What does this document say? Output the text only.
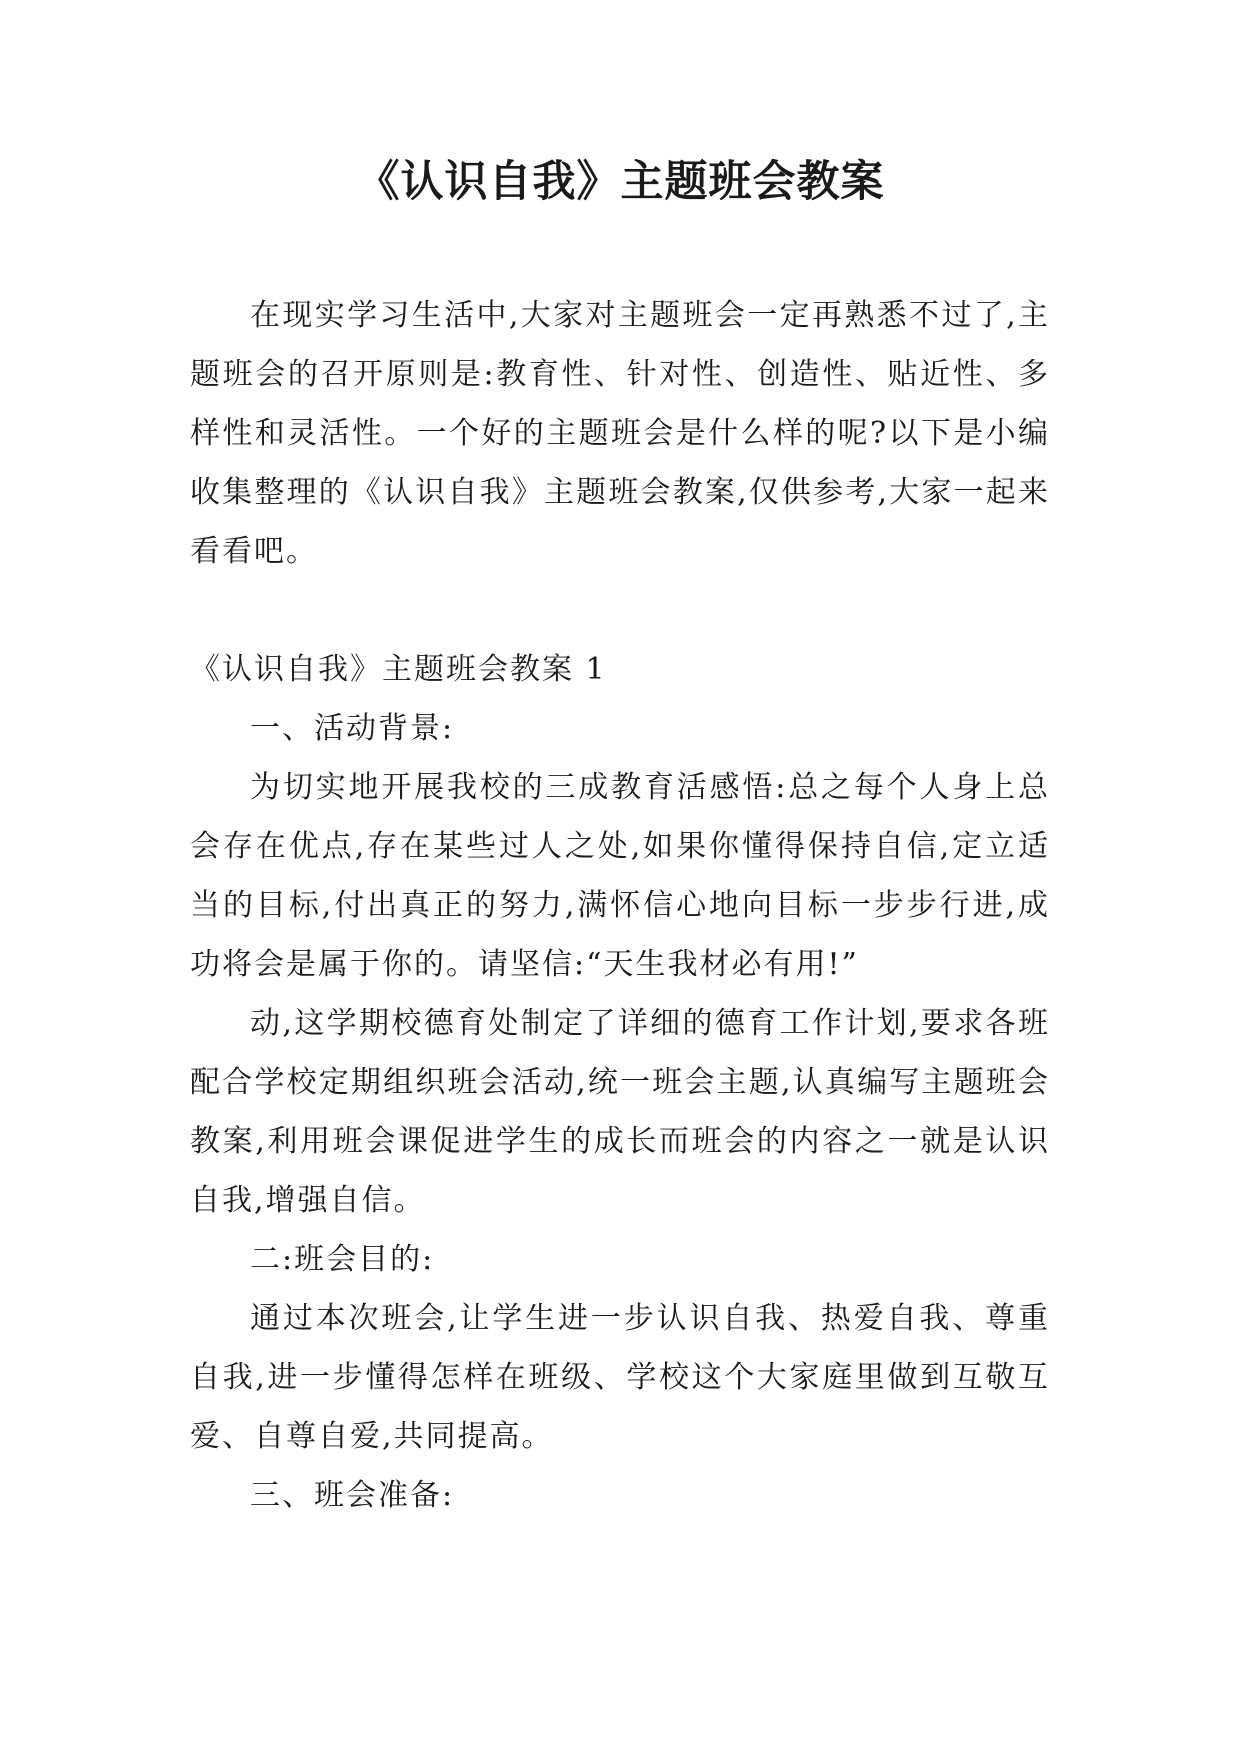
《认识自我》主题班会教案

在现实学习生活中,大家对主题班会一定再熟悉不过了,主题班会的召开原则是:教育性、针对性、创造性、贴近性、多样性和灵活性。一个好的主题班会是什么样的呢?以下是小编收集整理的《认识自我》主题班会教案,仅供参考,大家一起来看看吧。

《认识自我》主题班会教案 1

一、活动背景:

为切实地开展我校的三成教育活感悟:总之每个人身上总会存在优点,存在某些过人之处,如果你懂得保持自信,定立适当的目标,付出真正的努力,满怀信心地向目标一步步行进,成功将会是属于你的。请坚信:“天生我材必有用!”

动,这学期校德育处制定了详细的德育工作计划,要求各班配合学校定期组织班会活动,统一班会主题,认真编写主题班会教案,利用班会课促进学生的成长而班会的内容之一就是认识自我,增强自信。

二:班会目的:

通过本次班会,让学生进一步认识自我、热爱自我、尊重自我,进一步懂得怎样在班级、学校这个大家庭里做到互敬互爱、自尊自爱,共同提高。

三、班会准备:
